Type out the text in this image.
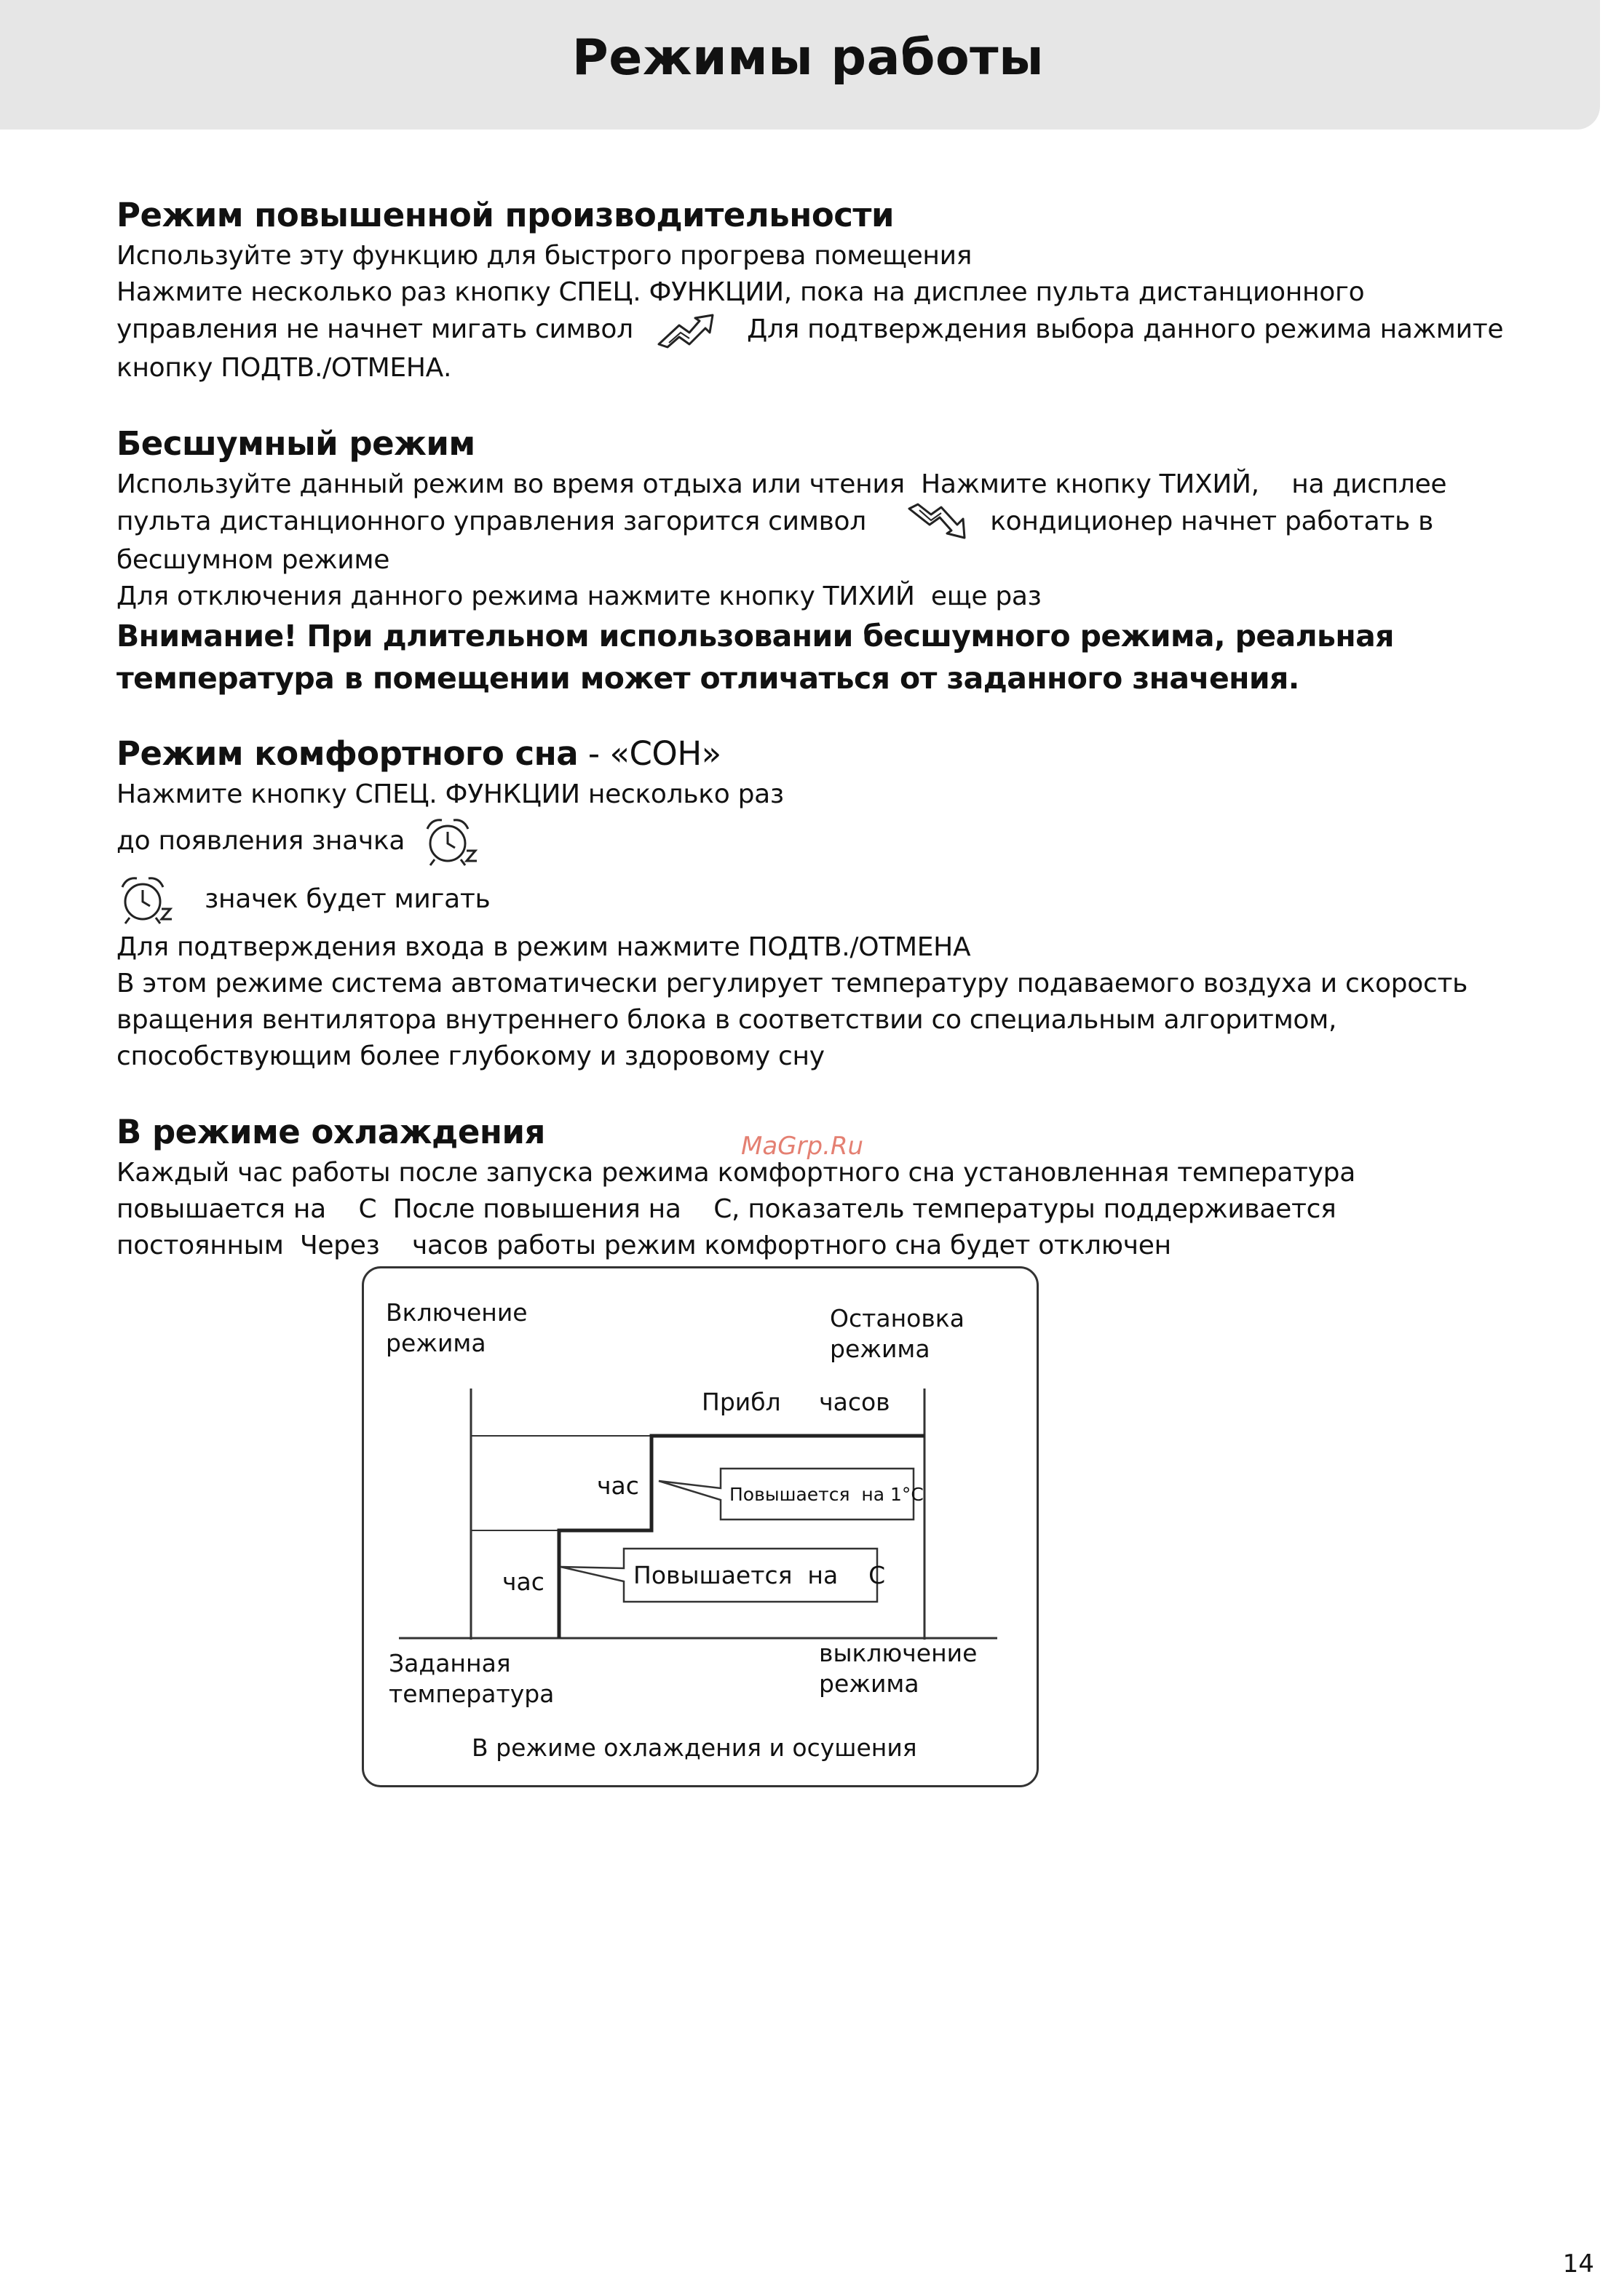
Режимы работы

Режим повышенной производительности

Используйте эту функцию для быстрого прогрева помещения

Нажмите несколько раз кнопку СПЕЦ. ФУНКЦИИ, пока на дисплее пульта дистанционного

управления не начнет мигать символ	Для подтверждения выбора данного режима нажмите

кнопку ПОДТВ./ОТМЕНА.

Бесшумный режим

Используйте данный режим во время отдыха или чтения  Нажмите кнопку ТИХИЙ,    на дисплее

пульта дистанционного управления загорится символ	кондиционер начнет работать в

бесшумном режиме

Для отключения данного режима нажмите кнопку ТИХИЙ  еще раз

Внимание! При длительном использовании бесшумного режима, реальная

температура в помещении может отличаться от заданного значения.

Режим комфортного сна - «СОН»

Нажмите кнопку СПЕЦ. ФУНКЦИИ несколько раз

до появления значка

значек будет мигать

Для подтверждения входа в режим нажмите ПОДТВ./ОТМЕНА

В этом режиме система автоматически регулирует температуру подаваемого воздуха и скорость

вращения вентилятора внутреннего блока в соответствии со специальным алгоритмом,

способствующим более глубокому и здоровому сну

В режиме охлаждения

Каждый час работы после запуска режима комфортного сна установленная температура

повышается на    С  После повышения на    С, показатель температуры поддерживается

постоянным  Через    часов работы режим комфортного сна будет отключен

MaGrp.Ru
Включение
режима
Остановка
режима
Прибл     часов
час
час
Повышается  на 1°C
Повышается  на    С
Заданная
температура
выключение
режима
В режиме охлаждения и осушения
14
